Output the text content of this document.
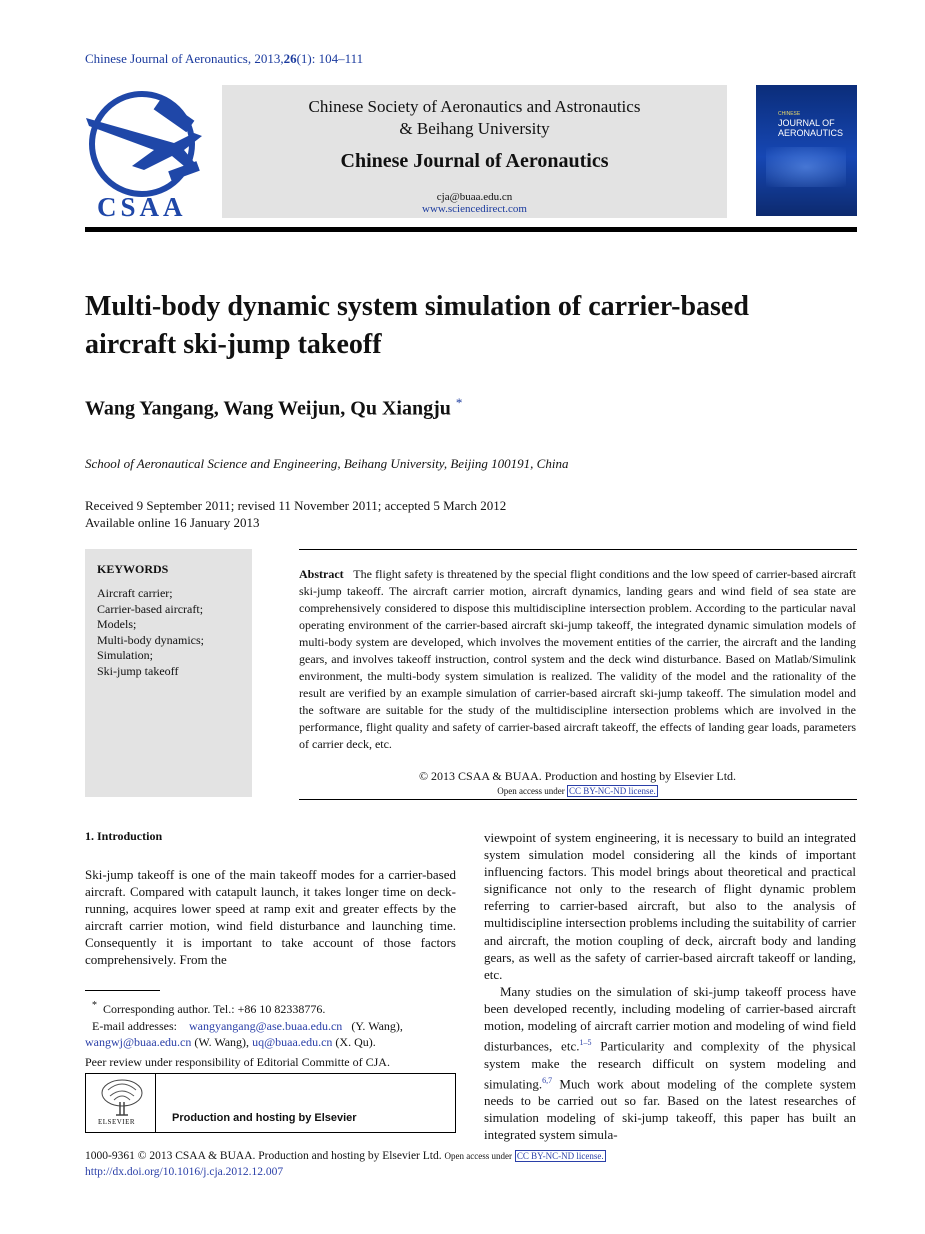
Chinese Journal of Aeronautics, 2013,26(1): 104–111
CSAA
Chinese Society of Aeronautics and Astronautics
& Beihang University
Chinese Journal of Aeronautics
cja@buaa.edu.cn
www.sciencedirect.com
CHINESE
JOURNAL OF AERONAUTICS
Multi-body dynamic system simulation of carrier-based
aircraft ski-jump takeoff
Wang Yangang, Wang Weijun, Qu Xiangju *
School of Aeronautical Science and Engineering, Beihang University, Beijing 100191, China
Received 9 September 2011; revised 11 November 2011; accepted 5 March 2012
Available online 16 January 2013
KEYWORDS
Aircraft carrier;
Carrier-based aircraft;
Models;
Multi-body dynamics;
Simulation;
Ski-jump takeoff

Abstract The flight safety is threatened by the special flight conditions and the low speed of carrier-based aircraft ski-jump takeoff. The aircraft carrier motion, aircraft dynamics, landing gears and wind field of sea state are comprehensively considered to dispose this multidiscipline intersection problem. According to the particular naval operating environment of the carrier-based aircraft ski-jump takeoff, the integrated dynamic simulation models of multi-body system are developed, which involves the movement entities of the carrier, the aircraft and the landing gears, and involves takeoff instruction, control system and the deck wind disturbance. Based on Matlab/Simulink environment, the multi-body system simulation is realized. The validity of the model and the rationality of the result are verified by an example simulation of carrier-based aircraft ski-jump takeoff. The simulation model and the software are suitable for the study of the multidiscipline intersection problems which are involved in the performance, flight quality and safety of carrier-based aircraft takeoff, the effects of landing gear loads, parameters of carrier deck, etc.

© 2013 CSAA & BUAA. Production and hosting by Elsevier Ltd.
Open access under CC BY-NC-ND license.
1. Introduction

Ski-jump takeoff is one of the main takeoff modes for a carrier-based aircraft. Compared with catapult launch, it takes longer time on deck-running, acquires lower speed at ramp exit and greater effects by the aircraft carrier motion, wind field disturbance and launching time. Consequently it is important to take account of those factors comprehensively. From the

* Corresponding author. Tel.: +86 10 82338776.
E-mail addresses: wangyangang@ase.buaa.edu.cn (Y. Wang),
wangwj@buaa.edu.cn (W. Wang), uq@buaa.edu.cn (X. Qu).
Peer review under responsibility of Editorial Committe of CJA.
ELSEVIER	Production and hosting by Elsevier

viewpoint of system engineering, it is necessary to build an integrated system simulation model considering all the kinds of important influencing factors. This model brings about theoretical and practical significance not only to the research of flight dynamic problem referring to carrier-based aircraft, but also to the analysis of multidiscipline intersection problems including the suitability of carrier and aircraft, the motion coupling of deck, aircraft body and landing gears, as well as the safety of carrier-based aircraft takeoff or landing, etc.

Many studies on the simulation of ski-jump takeoff process have been developed recently, including modeling of carrier-based aircraft motion, modeling of aircraft carrier motion and modeling of wind field disturbances, etc.$^{1-5}$ Particularity and complexity of the physical system make the research difficult on system modeling and simulating.$^{6,7}$ Much work about modeling of the complete system needs to be carried out so far. Based on the latest researches of simulation modeling of ski-jump takeoff, this paper has built an integrated system simula-

1000-9361 © 2013 CSAA & BUAA. Production and hosting by Elsevier Ltd. Open access under CC BY-NC-ND license.
http://dx.doi.org/10.1016/j.cja.2012.12.007
